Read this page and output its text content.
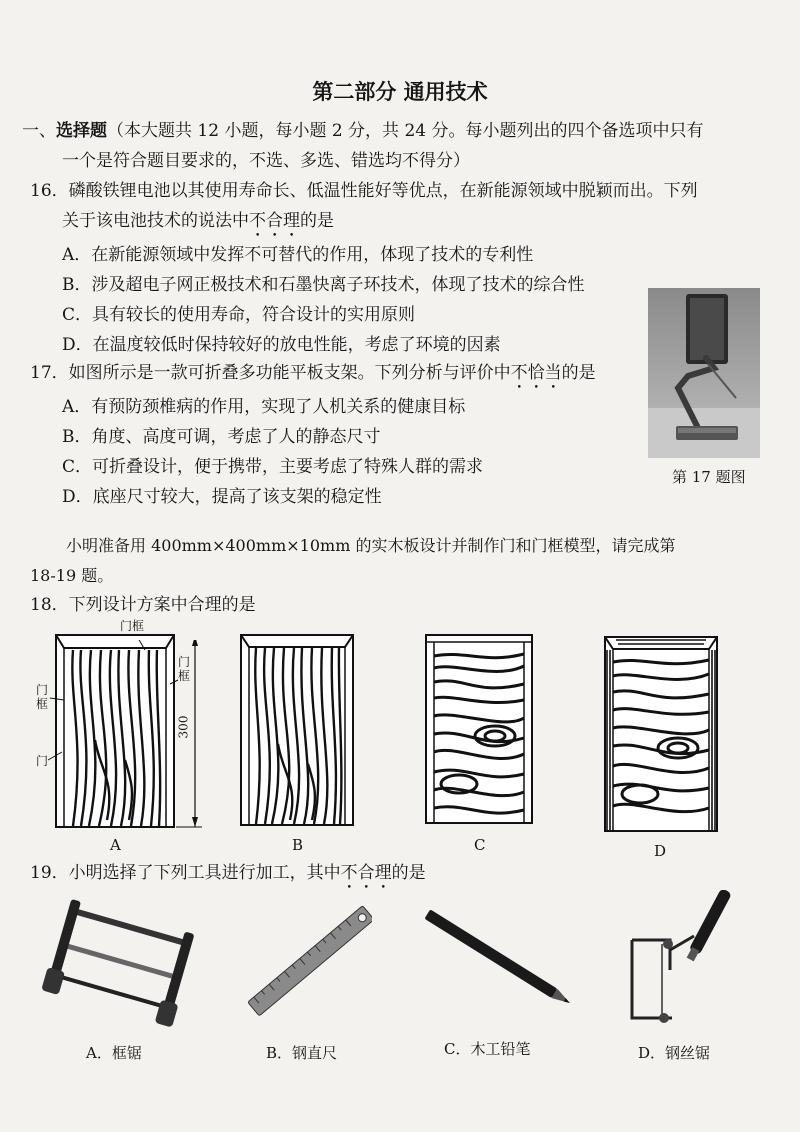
第二部分 通用技术
一、选择题（本大题共 12 小题，每小题 2 分，共 24 分。每小题列出的四个备选项中只有
一个是符合题目要求的，不选、多选、错选均不得分）
16．磷酸铁锂电池以其使用寿命长、低温性能好等优点，在新能源领域中脱颖而出。下列
关于该电池技术的说法中不合理的是
A．在新能源领域中发挥不可替代的作用，体现了技术的专利性
B．涉及超电子网正极技术和石墨快离子环技术，体现了技术的综合性
C．具有较长的使用寿命，符合设计的实用原则
D．在温度较低时保持较好的放电性能，考虑了环境的因素
17．如图所示是一款可折叠多功能平板支架。下列分析与评价中不恰当的是
A．有预防颈椎病的作用，实现了人机关系的健康目标
B．角度、高度可调，考虑了人的静态尺寸
C．可折叠设计，便于携带，主要考虑了特殊人群的需求
D．底座尺寸较大，提高了该支架的稳定性
第 17 题图
小明准备用 400mm×400mm×10mm 的实木板设计并制作门和门框模型，请完成第
18-19 题。
18．下列设计方案中合理的是
门框
门
框
门
框
门
300
A	B	C	D
19．小明选择了下列工具进行加工，其中不合理的是
A．框锯	B．钢直尺	C．木工铅笔	D．钢丝锯
